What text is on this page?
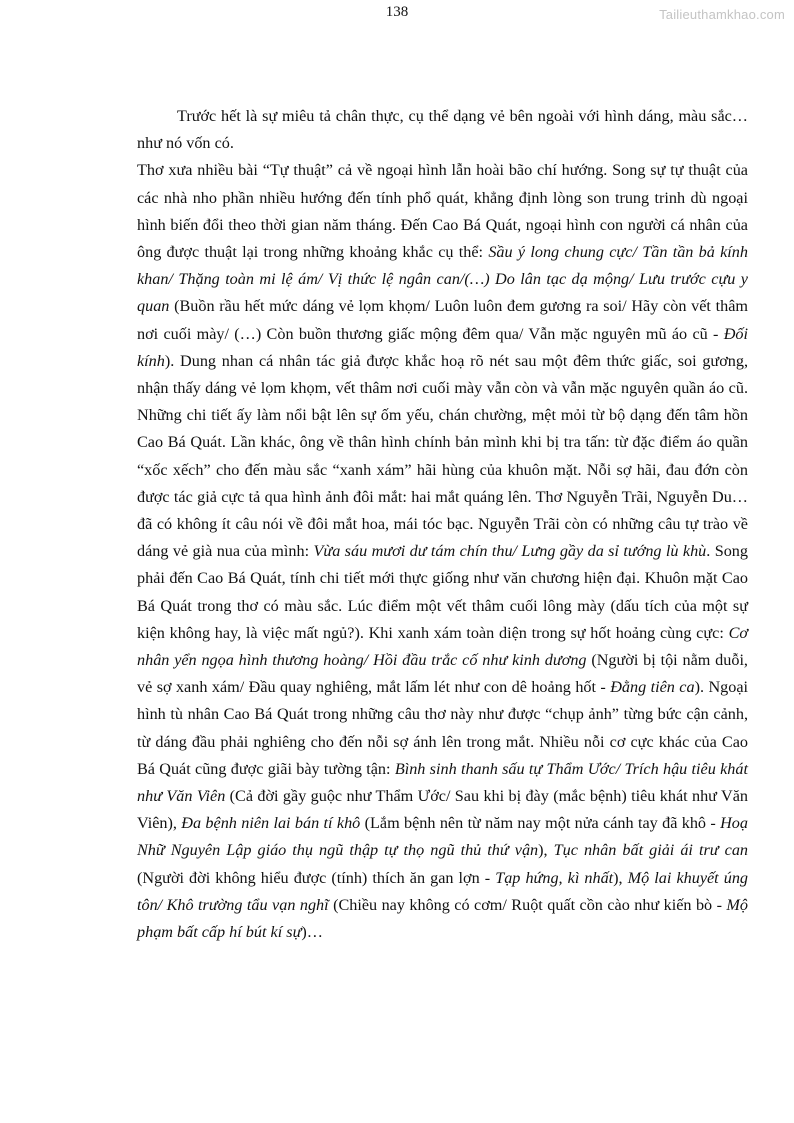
138	Tailieuthamkhao.com

Trước hết là sự miêu tả chân thực, cụ thể dạng vẻ bên ngoài với hình dáng, màu sắc… như nó vốn có.

Thơ xưa nhiều bài “Tự thuật” cả về ngoại hình lẫn hoài bão chí hướng. Song sự tự thuật của các nhà nho phần nhiều hướng đến tính phổ quát, khẳng định lòng son trung trinh dù ngoại hình biến đổi theo thời gian năm tháng. Đến Cao Bá Quát, ngoại hình con người cá nhân của ông được thuật lại trong những khoảng khắc cụ thể: Sầu ý long chung cực/ Tần tần bả kính khan/ Thặng toàn mi lệ ám/ Vị thức lệ ngân can/(…) Do lân tạc dạ mộng/ Lưu trước cựu y quan (Buồn rầu hết mức dáng vẻ lọm khọm/ Luôn luôn đem gương ra soi/ Hãy còn vết thâm nơi cuối mày/ (…) Còn buồn thương giấc mộng đêm qua/ Vẫn mặc nguyên mũ áo cũ - Đối kính). Dung nhan cá nhân tác giả được khắc hoạ rõ nét sau một đêm thức giấc, soi gương, nhận thấy dáng vẻ lọm khọm, vết thâm nơi cuối mày vẫn còn và vẫn mặc nguyên quần áo cũ. Những chi tiết ấy làm nổi bật lên sự ốm yếu, chán chường, mệt mỏi từ bộ dạng đến tâm hồn Cao Bá Quát. Lần khác, ông về thân hình chính bản mình khi bị tra tấn: từ đặc điểm áo quần “xốc xếch” cho đến màu sắc “xanh xám” hãi hùng của khuôn mặt. Nỗi sợ hãi, đau đớn còn được tác giả cực tả qua hình ảnh đôi mắt: hai mắt quáng lên. Thơ Nguyễn Trãi, Nguyễn Du… đã có không ít câu nói về đôi mắt hoa, mái tóc bạc. Nguyễn Trãi còn có những câu tự trào về dáng vẻ già nua của mình: Vừa sáu mươi dư tám chín thu/ Lưng gầy da sỉ tướng lù khù. Song phải đến Cao Bá Quát, tính chi tiết mới thực giống như văn chương hiện đại. Khuôn mặt Cao Bá Quát trong thơ có màu sắc. Lúc điểm một vết thâm cuối lông mày (dấu tích của một sự kiện không hay, là việc mất ngủ?). Khi xanh xám toàn diện trong sự hốt hoảng cùng cực: Cơ nhân yển ngọa hình thương hoàng/ Hồi đầu trắc cố như kinh dương (Người bị tội nằm duỗi, vẻ sợ xanh xám/ Đầu quay nghiêng, mắt lấm lét như con dê hoảng hốt - Đằng tiên ca). Ngoại hình tù nhân Cao Bá Quát trong những câu thơ này như được “chụp ảnh” từng bức cận cảnh, từ dáng đầu phải nghiêng cho đến nỗi sợ ánh lên trong mắt. Nhiều nỗi cơ cực khác của Cao Bá Quát cũng được giãi bày tường tận: Bình sinh thanh sấu tự Thẩm Ước/ Trích hậu tiêu khát như Văn Viên (Cả đời gầy guộc như Thẩm Ước/ Sau khi bị đày (mắc bệnh) tiêu khát như Văn Viên), Đa bệnh niên lai bán tí khô (Lắm bệnh nên từ năm nay một nửa cánh tay đã khô - Hoạ Nhữ Nguyên Lập giáo thụ ngũ thập tự thọ ngũ thủ thứ vận), Tục nhân bất giải ái trư can (Người đời không hiểu được (tính) thích ăn gan lợn - Tạp hứng, kì nhất), Mộ lai khuyết úng tôn/ Khô trường tẩu vạn nghĩ (Chiều nay không có cơm/ Ruột quất cồn cào như kiến bò - Mộ phạm bất cấp hí bút kí sự)…
